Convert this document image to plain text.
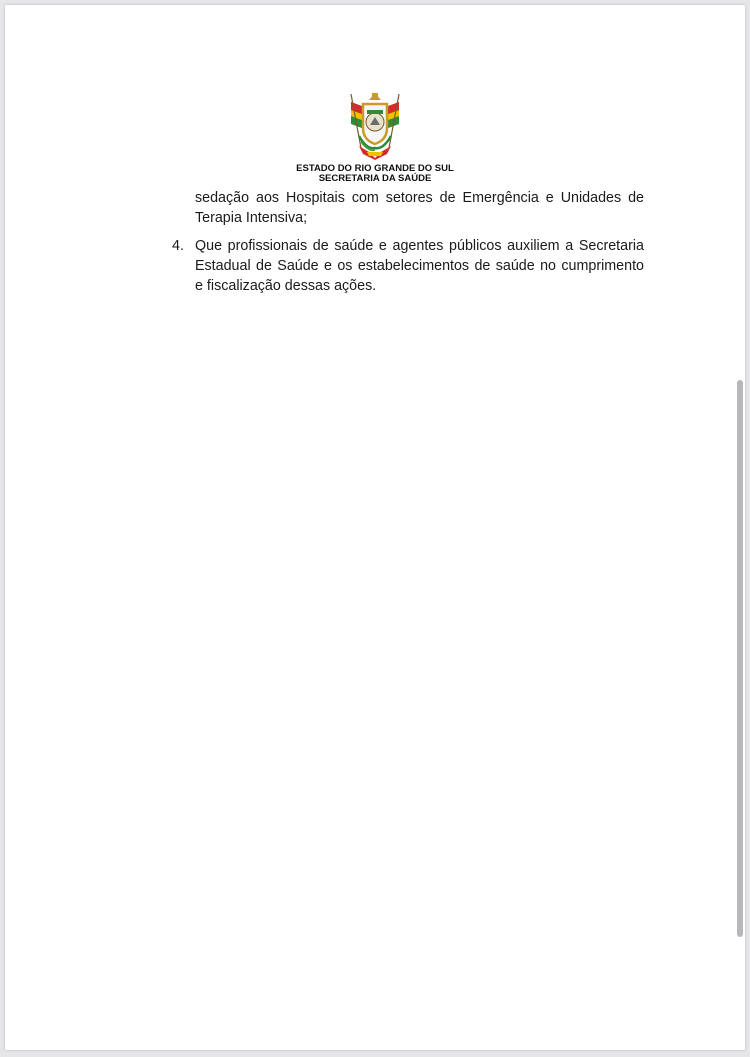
ESTADO DO RIO GRANDE DO SUL
SECRETARIA DA SAÚDE
sedação aos Hospitais com setores de Emergência e Unidades de
Terapia Intensiva;
4. Que profissionais de saúde e agentes públicos auxiliem a Secretaria
Estadual de Saúde e os estabelecimentos de saúde no cumprimento
e fiscalização dessas ações.
